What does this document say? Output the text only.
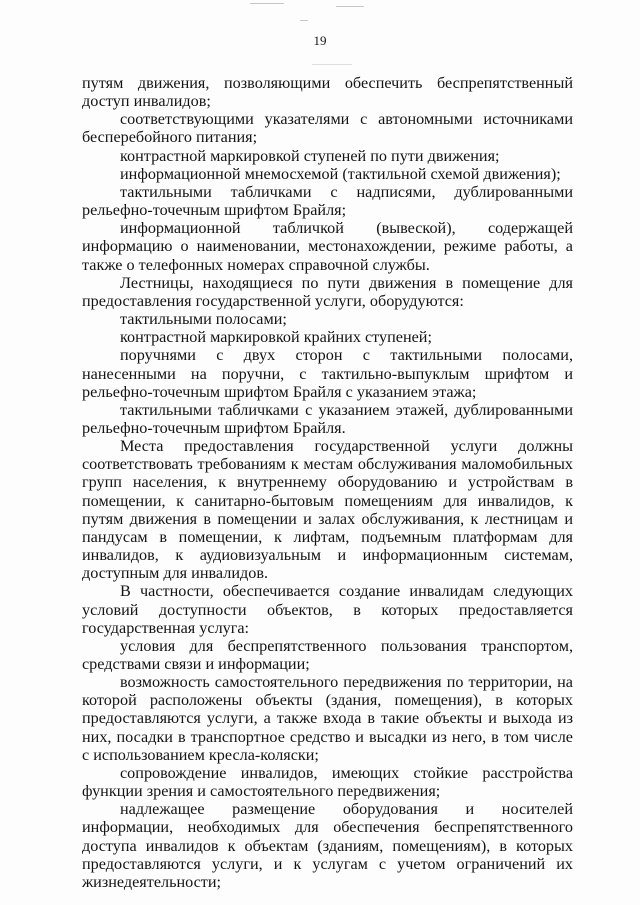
19

путям движения, позволяющими обеспечить беспрепятственный доступ инвалидов;

соответствующими указателями с автономными источниками бесперебойного питания;

контрастной маркировкой ступеней по пути движения;

информационной мнемосхемой (тактильной схемой движения);

тактильными табличками с надписями, дублированными рельефно-точечным шрифтом Брайля;

информационной табличкой (вывеской), содержащей информацию о наименовании, местонахождении, режиме работы, а также о телефонных номерах справочной службы.

Лестницы, находящиеся по пути движения в помещение для предоставления государственной услуги, оборудуются:

тактильными полосами;

контрастной маркировкой крайних ступеней;

поручнями с двух сторон с тактильными полосами, нанесенными на поручни, с тактильно-выпуклым шрифтом и рельефно-точечным шрифтом Брайля с указанием этажа;

тактильными табличками с указанием этажей, дублированными рельефно-точечным шрифтом Брайля.

Места предоставления государственной услуги должны соответствовать требованиям к местам обслуживания маломобильных групп населения, к внутреннему оборудованию и устройствам в помещении, к санитарно-бытовым помещениям для инвалидов, к путям движения в помещении и залах обслуживания, к лестницам и пандусам в помещении, к лифтам, подъемным платформам для инвалидов, к аудиовизуальным и информационным системам, доступным для инвалидов.

В частности, обеспечивается создание инвалидам следующих условий доступности объектов, в которых предоставляется государственная услуга:

условия для беспрепятственного пользования транспортом, средствами связи и информации;

возможность самостоятельного передвижения по территории, на которой расположены объекты (здания, помещения), в которых предоставляются услуги, а также входа в такие объекты и выхода из них, посадки в транспортное средство и высадки из него, в том числе с использованием кресла-коляски;

сопровождение инвалидов, имеющих стойкие расстройства функции зрения и самостоятельного передвижения;

надлежащее размещение оборудования и носителей информации, необходимых для обеспечения беспрепятственного доступа инвалидов к объектам (зданиям, помещениям), в которых предоставляются услуги, и к услугам с учетом ограничений их жизнедеятельности;
